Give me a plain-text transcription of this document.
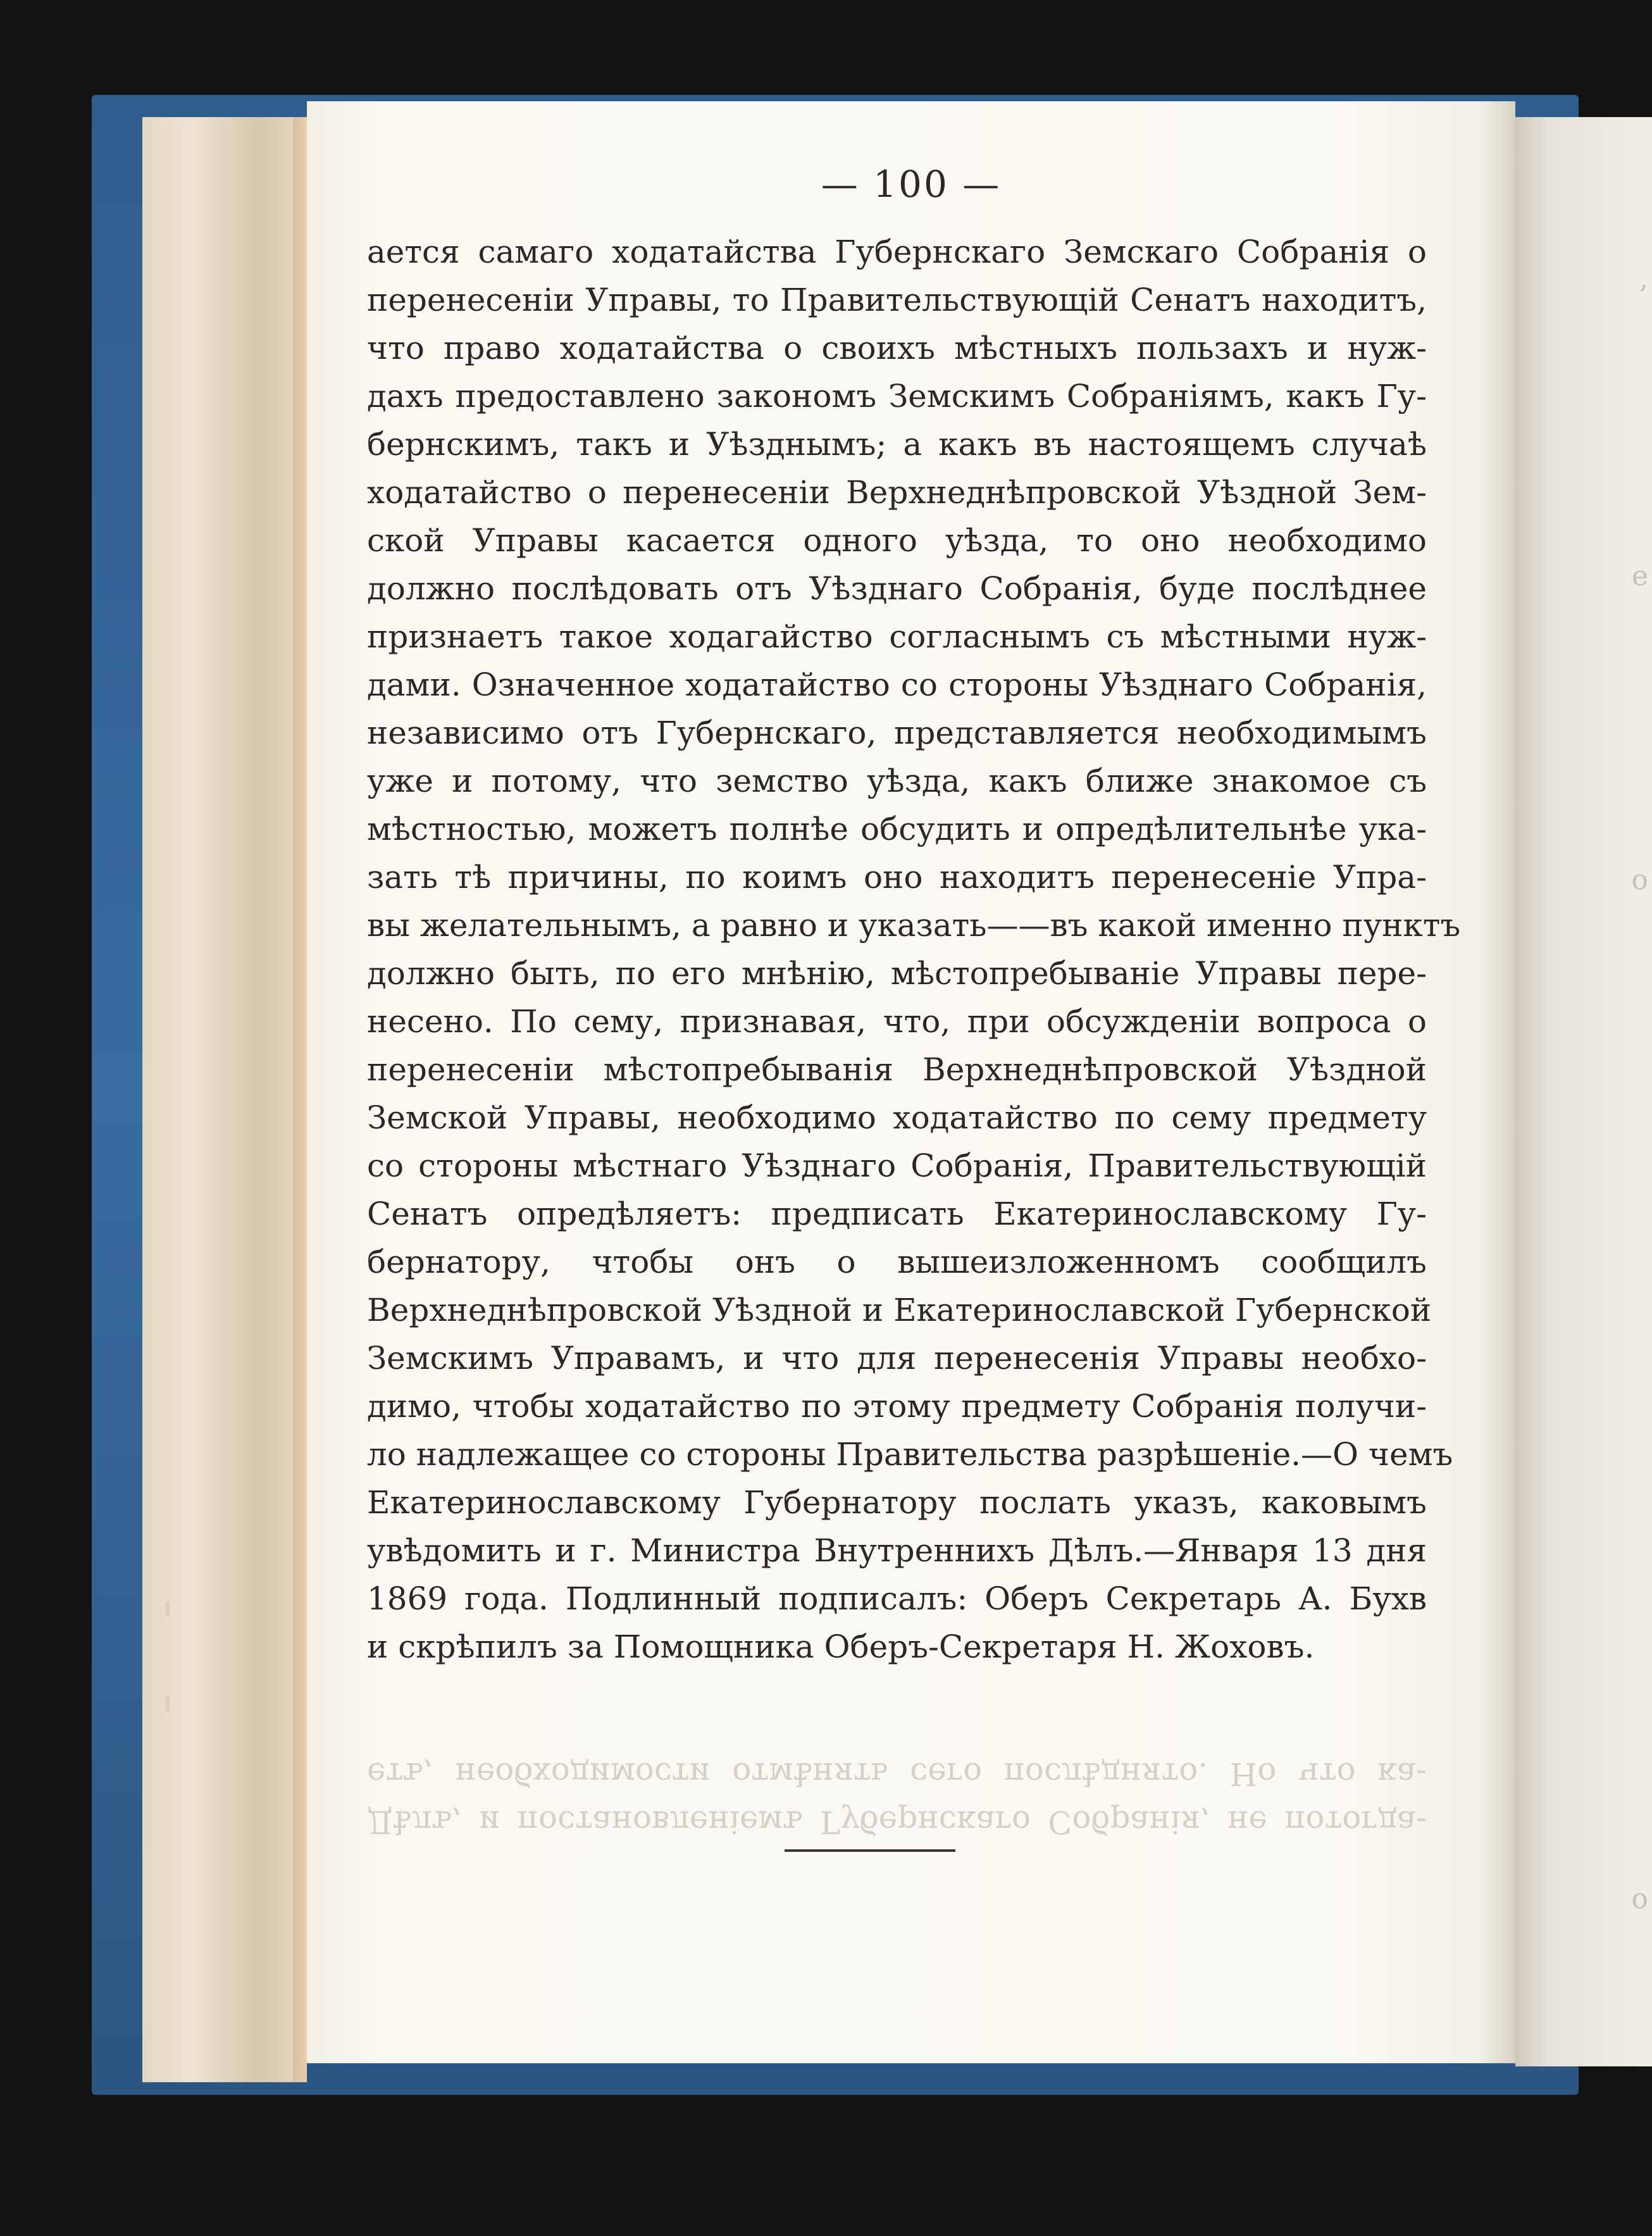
,
е
о
о

— 100 —

ается самаго ходатайства Губернскаго Земскаго Собранія о
перенесеніи Управы, то Правительствующій Сенатъ находитъ,
что право ходатайства о своихъ мѣстныхъ пользахъ и нуж-
дахъ предоставлено закономъ Земскимъ Собраніямъ, какъ Гу-
бернскимъ, такъ и Уѣзднымъ; а какъ въ настоящемъ случаѣ
ходатайство о перенесеніи Верхнеднѣпровской Уѣздной Зем-
ской Управы касается одного уѣзда, то оно необходимо
должно послѣдовать отъ Уѣзднаго Собранія, буде послѣднее
признаетъ такое ходагайство согласнымъ съ мѣстными нуж-
дами. Означенное ходатайство со стороны Уѣзднаго Собранія,
независимо отъ Губернскаго, представляется необходимымъ
уже и потому, что земство уѣзда, какъ ближе знакомое съ
мѣстностью, можетъ полнѣе обсудить и опредѣлительнѣе ука-
зать тѣ причины, по коимъ оно находитъ перенесеніе Упра-
вы желательнымъ, а равно и указать——въ какой именно пунктъ
должно быть, по его мнѣнію, мѣстопребываніе Управы пере-
несено. По сему, признавая, что, при обсужденіи вопроса о
перенесеніи мѣстопребыванія Верхнеднѣпровской Уѣздной
Земской Управы, необходимо ходатайство по сему предмету
со стороны мѣстнаго Уѣзднаго Собранія, Правительствующій
Сенатъ опредѣляетъ: предписать Екатеринославскому Гу-
бернатору, чтобы онъ о вышеизложенномъ сообщилъ
Верхнеднѣпровской Уѣздной и Екатеринославской Губернской
Земскимъ Управамъ, и что для перенесенія Управы необхо-
димо, чтобы ходатайство по этому предмету Собранія получи-
ло надлежащее со стороны Правительства разрѣшеніе.—О чемъ
Екатеринославскому Губернатору послать указъ, каковымъ
увѣдомить и г. Министра Внутреннихъ Дѣлъ.—Января 13 дня
1869 года. Подлинный подписалъ: Оберъ Секретарь А. Бухв
и скрѣпилъ за Помощника Оберъ-Секретаря Н. Жоховъ.
Дѣлъ, и постановленіемъ Губернскаго Собранія, не потогда-
етъ, необходимости отмѣнять сего послѣднято. Но что ка-
